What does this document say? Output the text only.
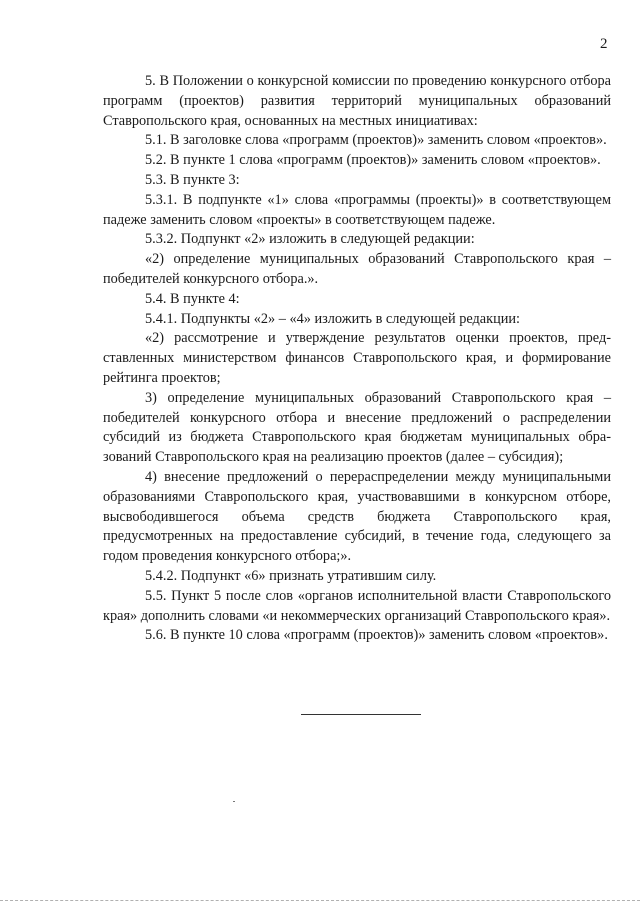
2

5. В Положении о конкурсной комиссии по проведению конкурсного отбора программ (проектов) развития территорий муниципальных образований Ставропольского края, основанных на местных инициативах:

5.1. В заголовке слова «программ (проектов)» заменить словом «проектов».

5.2. В пункте 1 слова «программ (проектов)» заменить словом «проектов».

5.3. В пункте 3:

5.3.1. В подпункте «1» слова «программы (проекты)» в соответствующем падеже заменить словом «проекты» в соответствующем падеже.

5.3.2. Подпункт «2» изложить в следующей редакции:

«2) определение муниципальных образований Ставропольского края – победителей конкурсного отбора.».

5.4. В пункте 4:

5.4.1. Подпункты «2» – «4» изложить в следующей редакции:

«2) рассмотрение и утверждение результатов оценки проектов, представленных министерством финансов Ставропольского края, и формирование рейтинга проектов;

3) определение муниципальных образований Ставропольского края – победителей конкурсного отбора и внесение предложений о распределении субсидий из бюджета Ставропольского края бюджетам муниципальных образований Ставропольского края на реализацию проектов (далее – субсидия);

4) внесение предложений о перераспределении между муниципальными образованиями Ставропольского края, участвовавшими в конкурсном отборе, высвободившегося объема средств бюджета Ставропольского края, предусмотренных на предоставление субсидий, в течение года, следующего за годом проведения конкурсного отбора;».

5.4.2. Подпункт «6» признать утратившим силу.

5.5. Пункт 5 после слов «органов исполнительной власти Ставропольского края» дополнить словами «и некоммерческих организаций Ставропольского края».

5.6. В пункте 10 слова «программ (проектов)» заменить словом «проектов».
